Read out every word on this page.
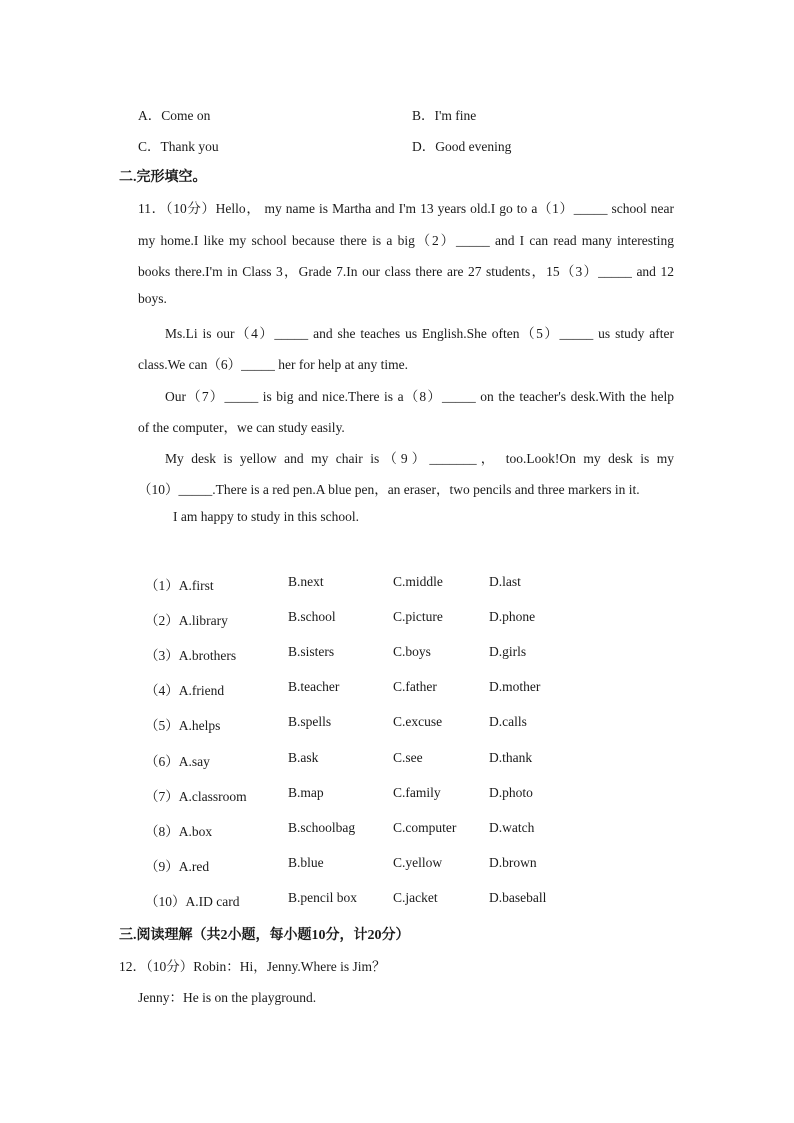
A．Come on	B．I'm fine
C．Thank you	D．Good evening
二.完形填空。
11．（10分）Hello， my name is Martha and I'm 13 years old.I go to a（1）_____ school near
my home.I like my school because there is a big（2）_____ and I can read many interesting
books there.I'm in Class 3，Grade 7.In our class there are 27 students，15（3）_____ and 12
boys.
Ms.Li is our（4）_____ and she teaches us English.She often（5）_____ us study after
class.We can（6）_____ her for help at any time.
Our（7）_____ is big and nice.There is a（8）_____ on the teacher's desk.With the help
of the computer，we can study easily.
My desk is yellow and my chair is（9）_______， too.Look!On my desk is my
（10）_____.There is a red pen.A blue pen，an eraser，two pencils and three markers in it.
I am happy to study in this school.
（1）A.first	B.next	C.middle	D.last
（2）A.library	B.school	C.picture	D.phone
（3）A.brothers	B.sisters	C.boys	D.girls
（4）A.friend	B.teacher	C.father	D.mother
（5）A.helps	B.spells	C.excuse	D.calls
（6）A.say	B.ask	C.see	D.thank
（7）A.classroom	B.map	C.family	D.photo
（8）A.box	B.schoolbag	C.computer D.watch
（9）A.red	B.blue	C.yellow	D.brown
（10）A.ID card	B.pencil box	C.jacket	D.baseball
三.阅读理解（共2小题，每小题10分，计20分）
12．（10分）Robin：Hi，Jenny.Where is Jim？
Jenny：He is on the playground.
